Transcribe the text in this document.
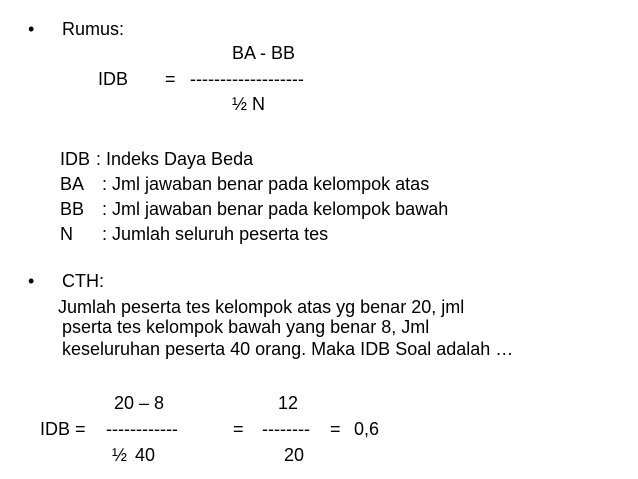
• Rumus:
BA - BB
IDB = -------------------
½ N
IDB : Indeks Daya Beda
BA : Jml jawaban benar pada kelompok atas
BB : Jml jawaban benar pada kelompok bawah
N : Jumlah seluruh peserta tes
• CTH:
Jumlah peserta tes kelompok atas yg benar 20, jml
pserta tes kelompok bawah yang benar 8, Jml
keseluruhan peserta 40 orang. Maka IDB Soal adalah …
20 – 8	12
IDB = ------------	= -------- = 0,6
½ 40	20
